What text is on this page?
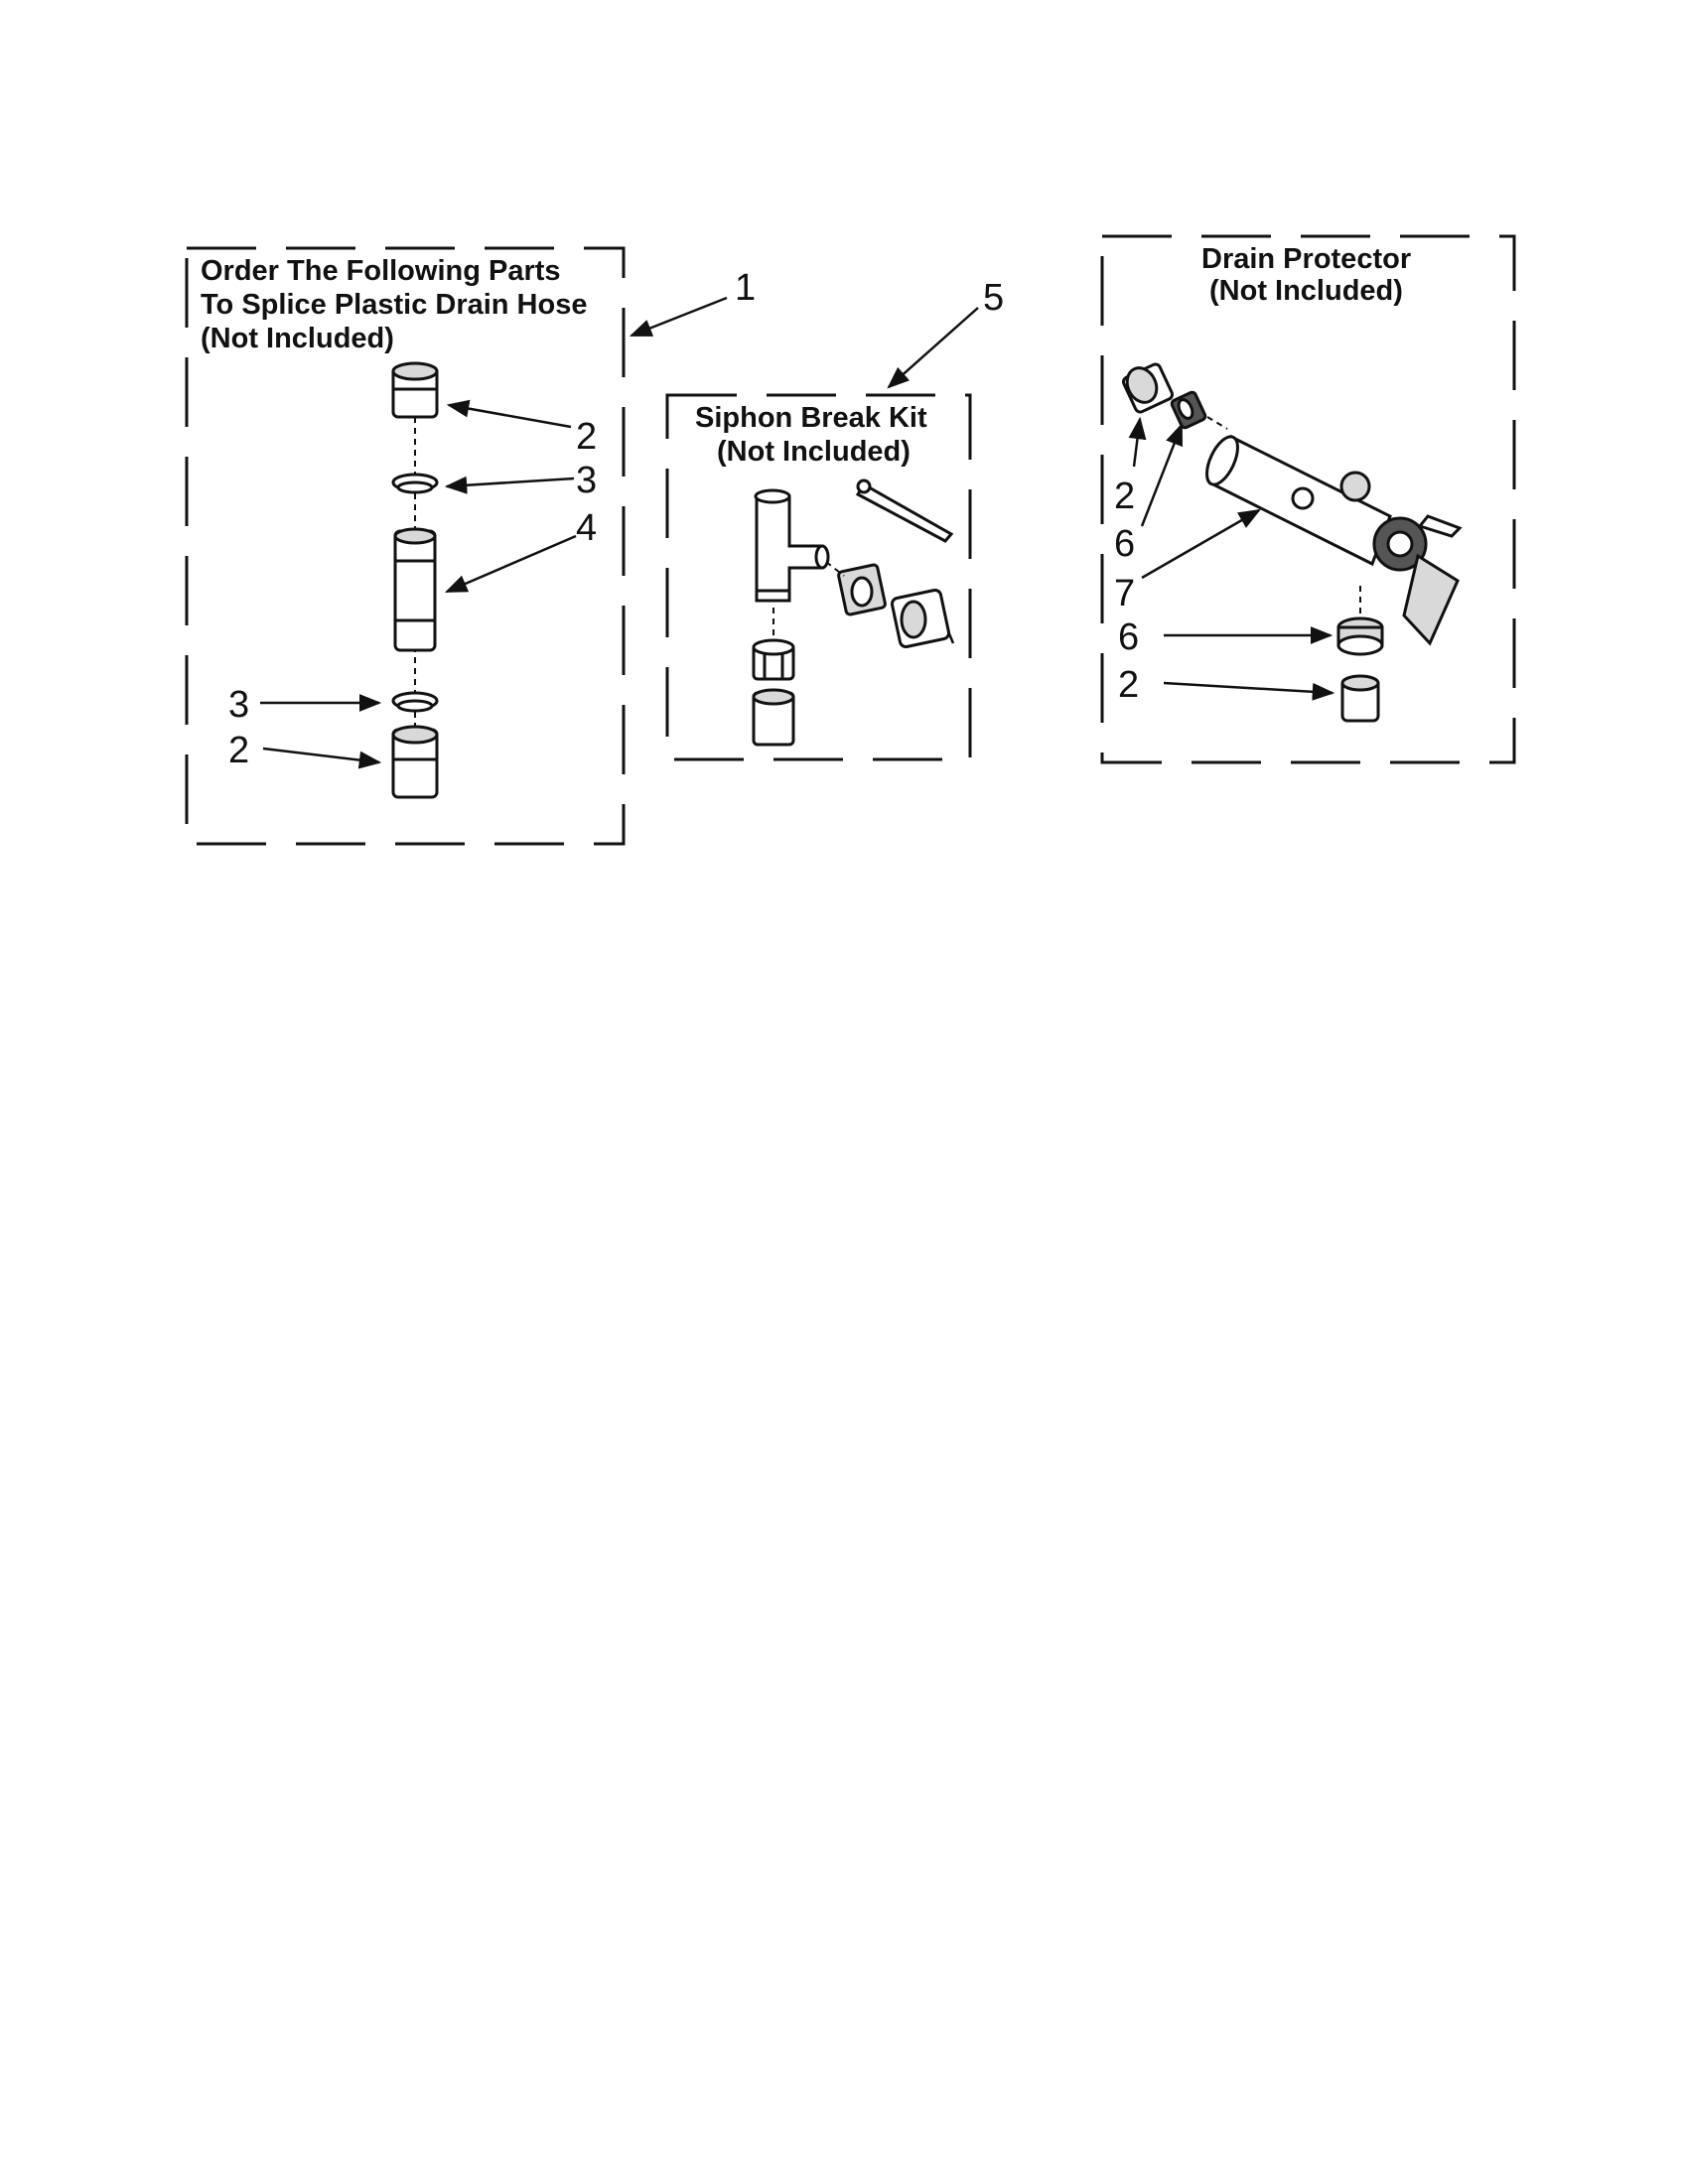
Order The Following Parts
To Splice Plastic Drain Hose
(Not Included)
2
3
4
3
2
1
Siphon Break Kit
(Not Included)
5
Drain Protector
(Not Included)
2
6
7
6
2
